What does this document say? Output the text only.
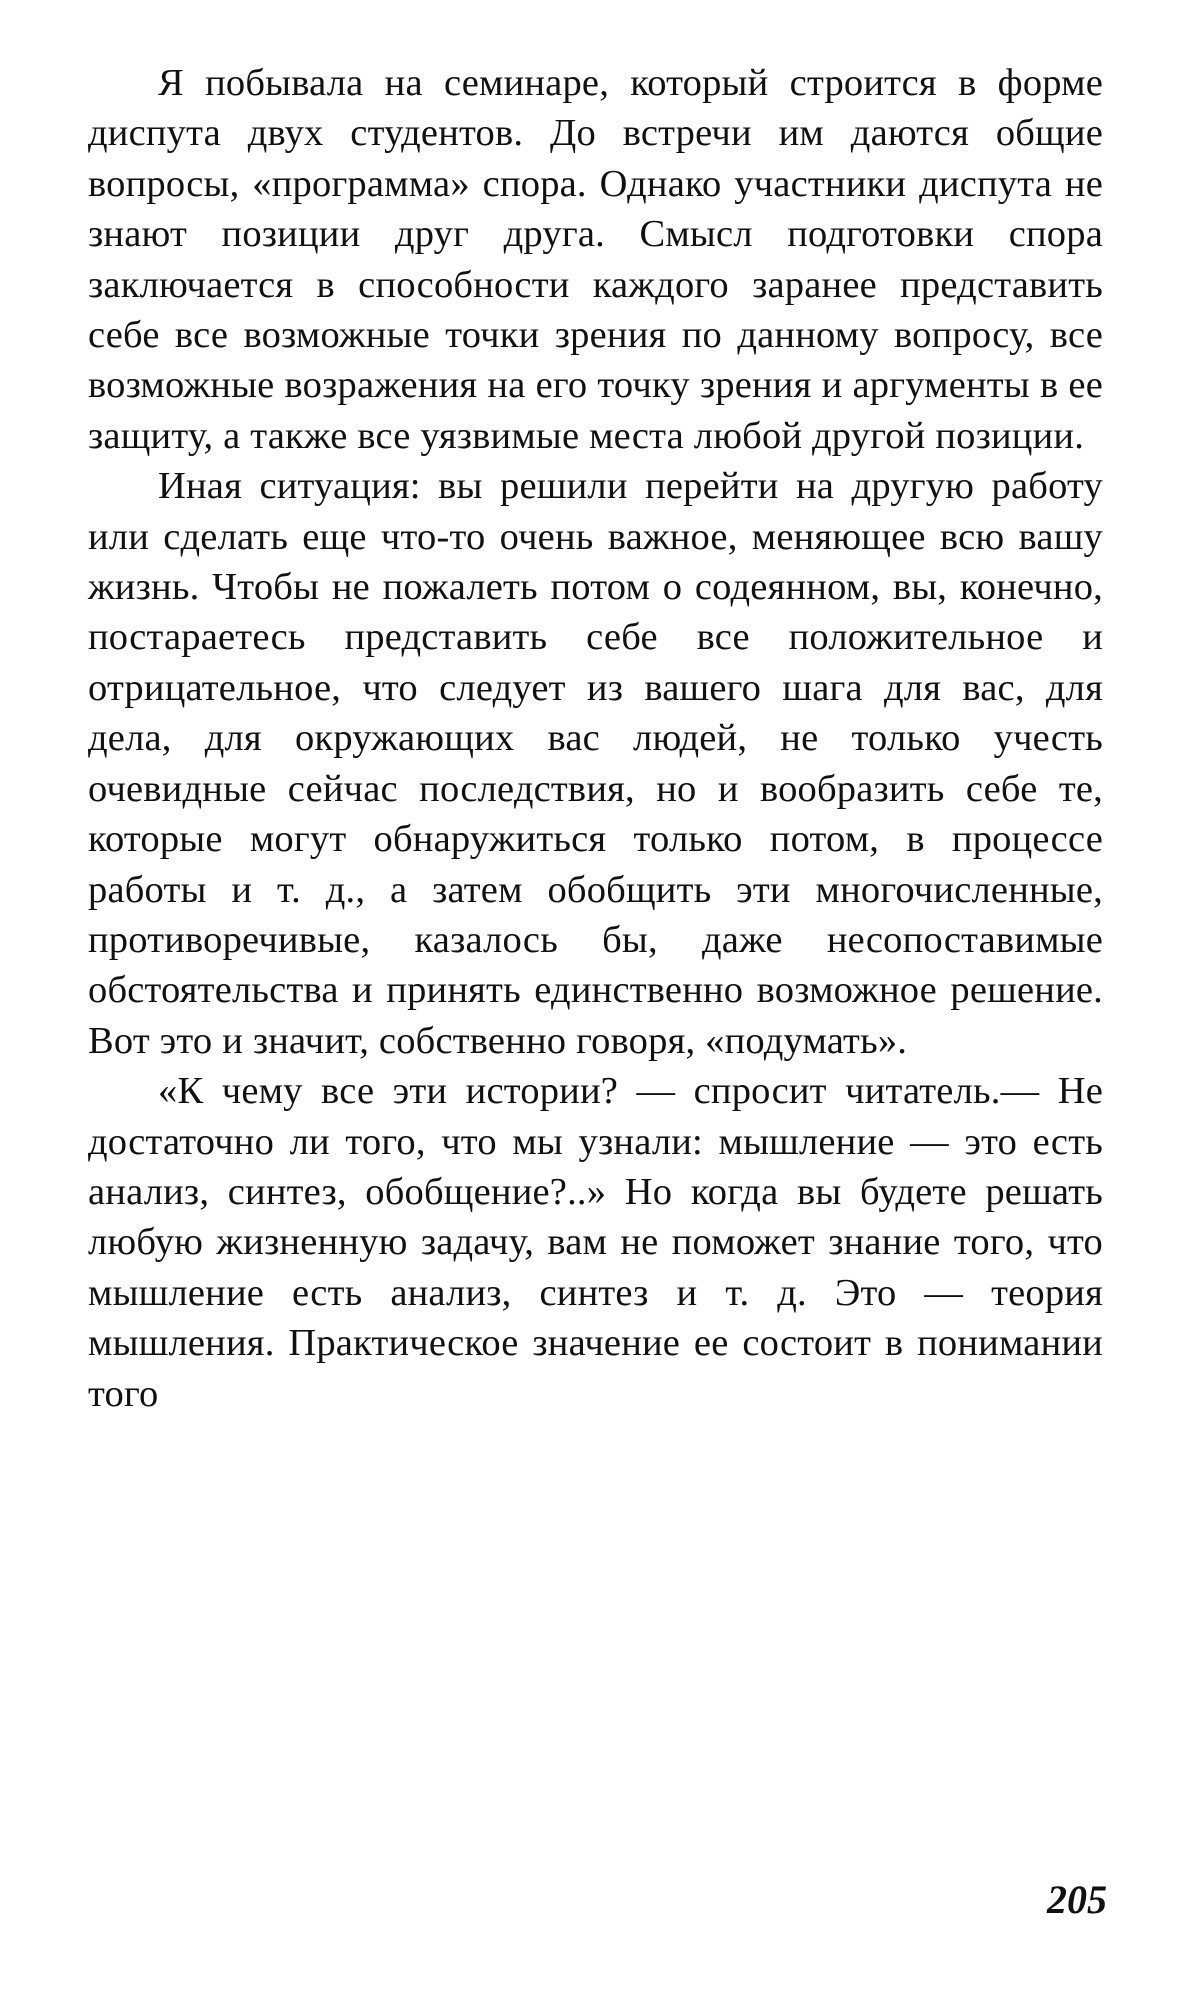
Я побывала на семинаре, который строится в форме диспута двух студентов. До встречи им даются общие вопросы, «программа» спора. Однако участники диспута не знают позиции друг друга. Смысл подготовки спора заключается в способности каждого заранее представить себе все возможные точки зрения по данному вопросу, все возможные возражения на его точку зрения и аргументы в ее защиту, а также все уязвимые места любой другой позиции.

Иная ситуация: вы решили перейти на другую работу или сделать еще что-то очень важное, меняющее всю вашу жизнь. Чтобы не пожалеть потом о содеянном, вы, конечно, постараетесь представить себе все положительное и отрицательное, что следует из вашего шага для вас, для дела, для окружающих вас людей, не только учесть очевидные сейчас последствия, но и вообразить себе те, которые могут обнаружиться только потом, в процессе работы и т. д., а затем обобщить эти многочисленные, противоречивые, казалось бы, даже несопоставимые обстоятельства и принять единственно возможное решение. Вот это и значит, собственно говоря, «подумать».

«К чему все эти истории? — спросит читатель.— Не достаточно ли того, что мы узнали: мышление — это есть анализ, синтез, обобщение?..» Но когда вы будете решать любую жизненную задачу, вам не поможет знание того, что мышление есть анализ, синтез и т. д. Это — теория мышления. Практическое значение ее состоит в понимании того

205
